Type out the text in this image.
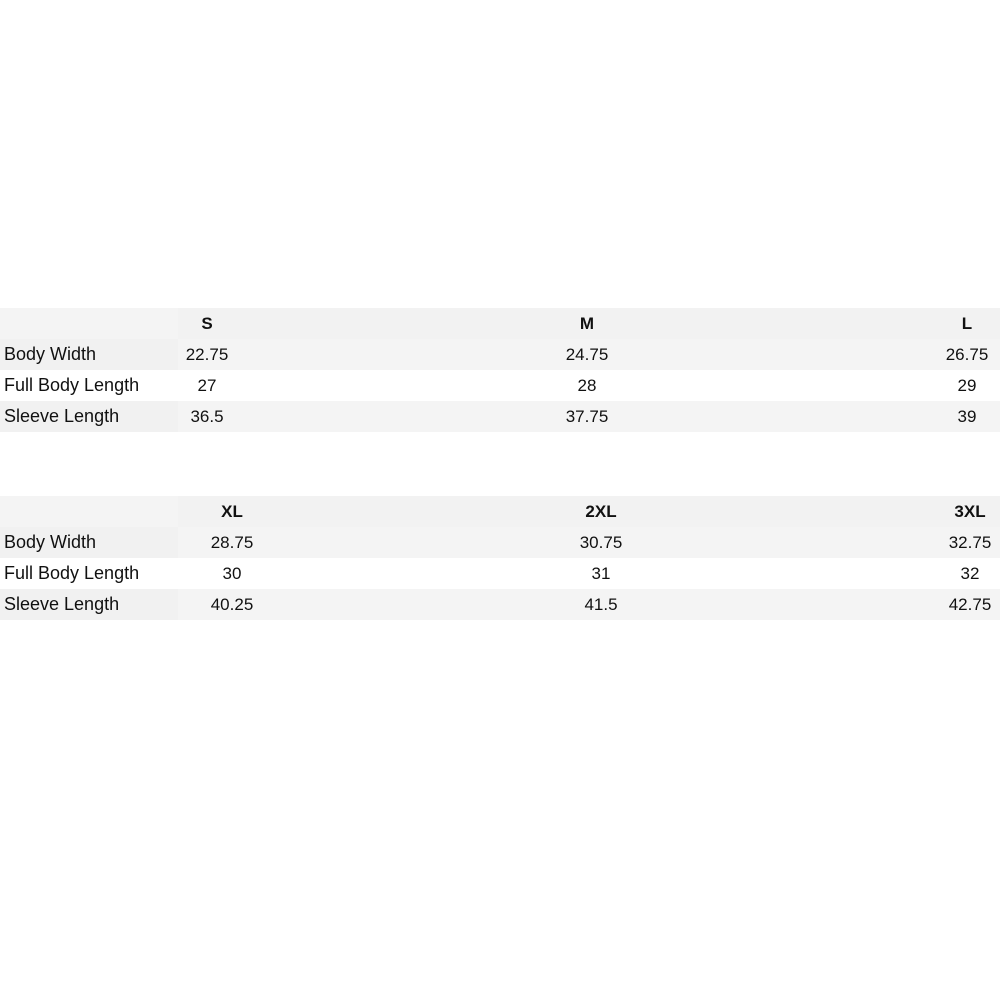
S	M	L
Body Width	22.75	24.75	26.75
Full Body Length	27	28	29
Sleeve Length	36.5	37.75	39
XL	2XL	3XL
Body Width	28.75	30.75	32.75
Full Body Length	30	31	32
Sleeve Length	40.25	41.5	42.75
